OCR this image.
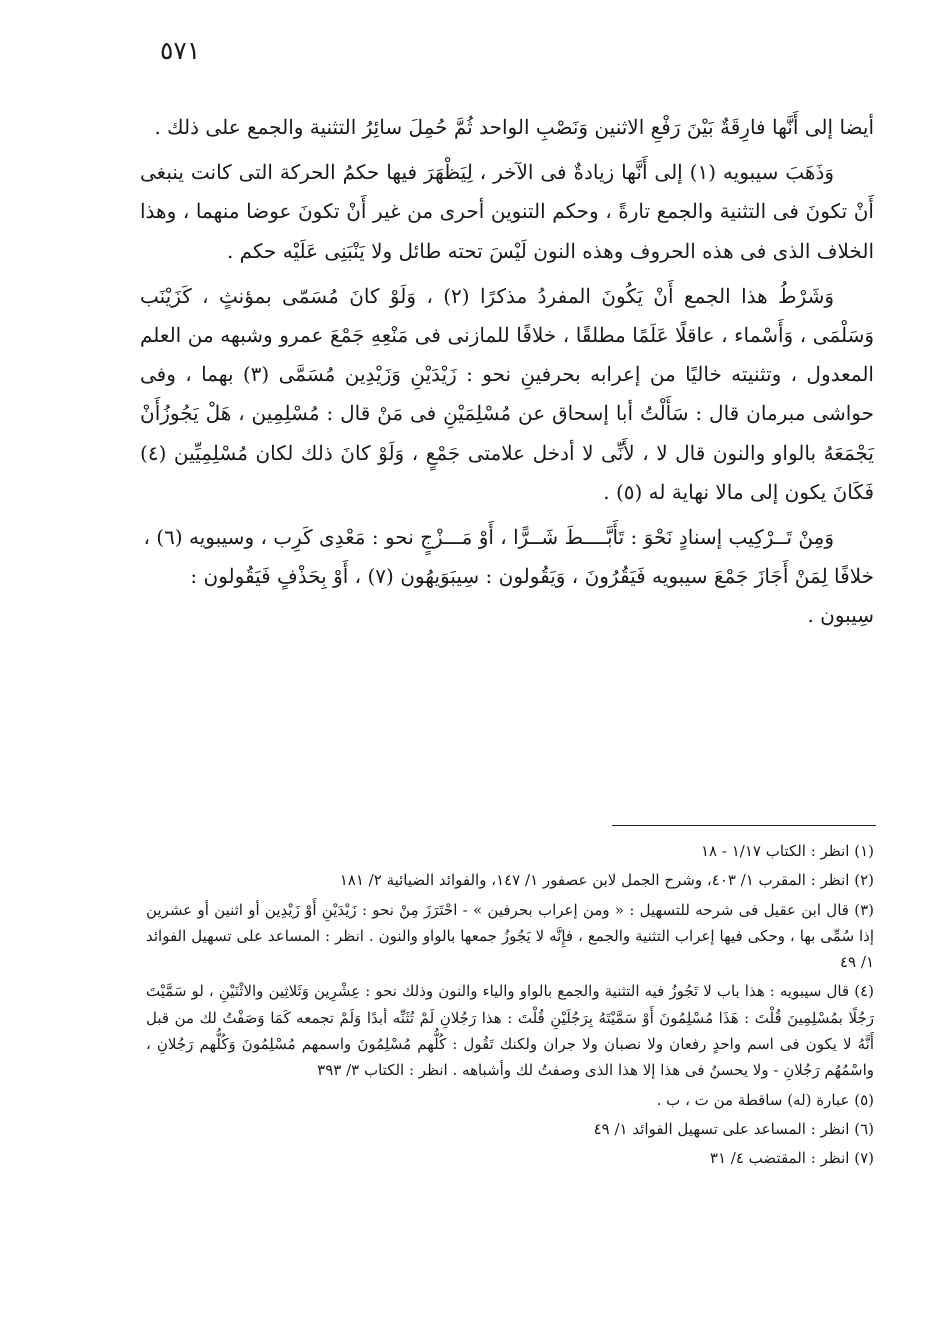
٥٧١

أيضا إلى أَنَّها فارِقَةٌ بَيْنَ رَفْعِ الاثنين وَنَصْبِ الواحد ثُمَّ حُمِلَ سائِرُ التثنية والجمع على ذلك .

وَذَهَبَ سيبويه (١) إلى أَنَّها زيادةٌ فى الآخر ، لِيَظْهَرَ فيها حكمُ الحركة التى كانت ينبغى أَنْ تكونَ فى التثنية والجمع تارةً ، وحكم التنوين أحرى من غير أَنْ تكونَ عوضا منهما ، وهذا الخلاف الذى فى هذه الحروف وهذه النون لَيْسَ تحته طائل ولا يَنْبَنِى عَلَيْه حكم .

وَشَرْطُ هذا الجمع أَنْ يَكُونَ المفردُ مذكرًا (٢) ، وَلَوْ كانَ مُسَمّى بمؤنثٍ ، كَزَيْنَب وَسَلْمَى ، وَأَسْماء ، عاقلًا عَلَمًا مطلقًا ، خلافًا للمازنى فى مَنْعِهِ جَمْعَ عمرو وشبهه من العلم المعدول ، وتثنيته خاليًا من إعرابه بحرفينِ نحو : زَيْدَيْنِ وَزَيْدِين مُسَمَّى (٣) بهما ، وفى حواشى مبرمان قال : سَأَلْتُ أبا إسحاق عن مُسْلِمَيْنِ فى مَنْ قال : مُسْلِمِين ، هَلْ يَجُوزُأَنْ يَجْمَعَهُ بالواو والنون قال لا ، لأَنِّى لا أدخل علامتى جَمْعٍ ، وَلَوْ كانَ ذلك لكان مُسْلِمِيِّين (٤) فَكَانَ يكون إلى مالا نهاية له (٥) .

وَمِنْ تَــرْكِيب إسنادٍ نَحْوَ : تَأَبَّــــطَ شَــرًّا ، أَوْ مَـــزْجٍ نحو : مَعْدِى كَرِب ، وسيبويه (٦) ، خلافًا لِمَنْ أَجَازَ جَمْعَ سيبويه فَيَقُرُونَ ، وَيَقُولون : سِيبَوَيهُون (٧) ، أَوْ بِحَذْفٍ فَيَقُولون : سِيبون .

(١) انظر : الكتاب ١/١٧ - ١٨

(٢) انظر : المقرب ١/ ٤٠٣، وشرح الجمل لابن عصفور ١/ ١٤٧، والفوائد الضيائية ٢/ ١٨١

(٣) قال ابن عقيل فى شرحه للتسهيل : « ومن إعراب بحرفين » - احْتَرَزَ مِنْ نحو : زَيْدَيْنِ أَوْ زَيْدِين أو اثنين أو عشرين إذا سُمِّى بها ، وحكى فيها إعراب التثنية والجمع ، فإِنَّه لا يَجُوزُ جمعها بالواو والنون . انظر : المساعد على تسهيل الفوائد ١/ ٤٩

(٤) قال سيبويه : هذا باب لا تَجُوزُ فيه التثنية والجمع بالواو والياء والنون وذلك نحو : عِشْرِين وَثَلاثِين والاثْنَيْنِ ، لو سَمَّيْتَ رَجُلًا بمُسْلِمِينَ قُلْتَ : هَذَا مُسْلِمُونَ أَوْ سَمَّيْتَهُ بِرَجُلَيْنِ قُلْتَ : هذا رَجُلانِ لَمْ تُثَنِّه أبدًا وَلَمْ تجمعه كَمَا وَصَفْتُ لك من قبل أَنَّهُ لا يكون فى اسم واحدٍ رفعان ولا نصبان ولا جران ولكنك تَقُول : كُلُّهم مُسْلِمُونَ واسمهم مُسْلِمُونَ وَكُلُّهم رَجُلانِ ، واسْمُهُم رَجُلانِ - ولا يحسنُ فى هذا إلا هذا الذى وصفتُ لك وأشباهه . انظر : الكتاب ٣/ ٣٩٣

(٥) عبارة (له) ساقطة من ت ، ب .

(٦) انظر : المساعد على تسهيل الفوائد ١/ ٤٩

(٧) انظر : المقتضب ٤/ ٣١
